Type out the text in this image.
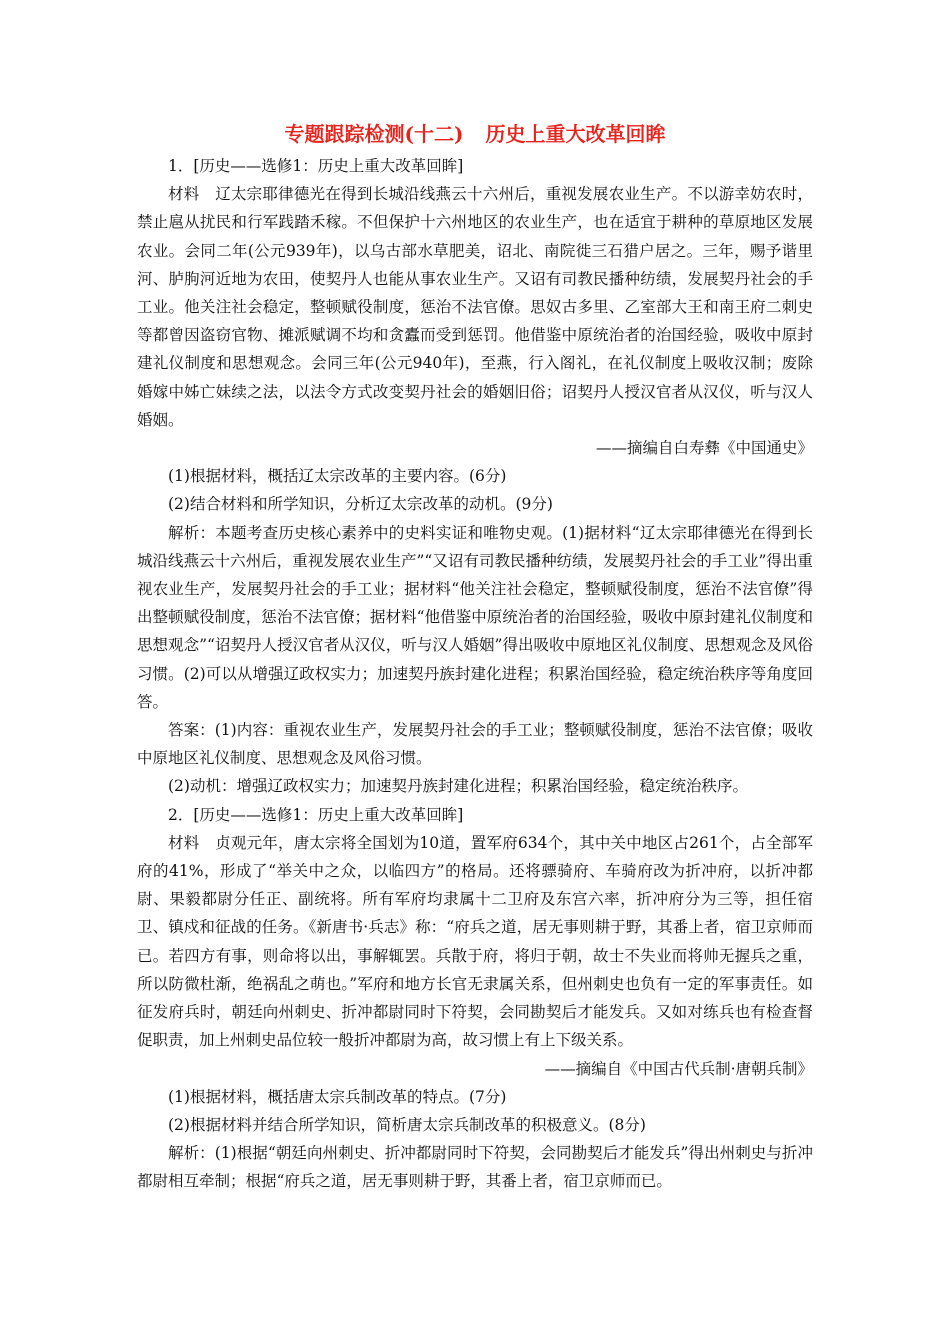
专题跟踪检测(十二) 历史上重大改革回眸

1．[历史——选修1：历史上重大改革回眸]

材料　辽太宗耶律德光在得到长城沿线燕云十六州后，重视发展农业生产。不以游幸妨农时，禁止扈从扰民和行军践踏禾稼。不但保护十六州地区的农业生产，也在适宜于耕种的草原地区发展农业。会同二年(公元939年)，以乌古部水草肥美，诏北、南院徙三石猎户居之。三年，赐予谐里河、胪朐河近地为农田，使契丹人也能从事农业生产。又诏有司教民播种纺绩，发展契丹社会的手工业。他关注社会稳定，整顿赋役制度，惩治不法官僚。思奴古多里、乙室部大王和南王府二刺史等都曾因盗窃官物、摊派赋调不均和贪蠹而受到惩罚。他借鉴中原统治者的治国经验，吸收中原封建礼仪制度和思想观念。会同三年(公元940年)，至燕，行入阁礼，在礼仪制度上吸收汉制；废除婚嫁中姊亡妹续之法，以法令方式改变契丹社会的婚姻旧俗；诏契丹人授汉官者从汉仪，听与汉人婚姻。

——摘编自白寿彝《中国通史》

(1)根据材料，概括辽太宗改革的主要内容。(6分)

(2)结合材料和所学知识，分析辽太宗改革的动机。(9分)

解析：本题考查历史核心素养中的史料实证和唯物史观。(1)据材料“辽太宗耶律德光在得到长城沿线燕云十六州后，重视发展农业生产”“又诏有司教民播种纺绩，发展契丹社会的手工业”得出重视农业生产，发展契丹社会的手工业；据材料“他关注社会稳定，整顿赋役制度，惩治不法官僚”得出整顿赋役制度，惩治不法官僚；据材料“他借鉴中原统治者的治国经验，吸收中原封建礼仪制度和思想观念”“诏契丹人授汉官者从汉仪，听与汉人婚姻”得出吸收中原地区礼仪制度、思想观念及风俗习惯。(2)可以从增强辽政权实力；加速契丹族封建化进程；积累治国经验，稳定统治秩序等角度回答。

答案：(1)内容：重视农业生产，发展契丹社会的手工业；整顿赋役制度，惩治不法官僚；吸收中原地区礼仪制度、思想观念及风俗习惯。

(2)动机：增强辽政权实力；加速契丹族封建化进程；积累治国经验，稳定统治秩序。

2．[历史——选修1：历史上重大改革回眸]

材料　贞观元年，唐太宗将全国划为10道，置军府634个，其中关中地区占261个，占全部军府的41%，形成了“举关中之众，以临四方”的格局。还将骠骑府、车骑府改为折冲府，以折冲都尉、果毅都尉分任正、副统将。所有军府均隶属十二卫府及东宫六率，折冲府分为三等，担任宿卫、镇戍和征战的任务。《新唐书·兵志》称：“府兵之道，居无事则耕于野，其番上者，宿卫京师而已。若四方有事，则命将以出，事解辄罢。兵散于府，将归于朝，故士不失业而将帅无握兵之重，所以防微杜渐，绝祸乱之萌也。”军府和地方长官无隶属关系，但州刺史也负有一定的军事责任。如征发府兵时，朝廷向州刺史、折冲都尉同时下符契，会同勘契后才能发兵。又如对练兵也有检查督促职责，加上州刺史品位较一般折冲都尉为高，故习惯上有上下级关系。

——摘编自《中国古代兵制·唐朝兵制》

(1)根据材料，概括唐太宗兵制改革的特点。(7分)

(2)根据材料并结合所学知识，简析唐太宗兵制改革的积极意义。(8分)

解析：(1)根据“朝廷向州刺史、折冲都尉同时下符契，会同勘契后才能发兵”得出州刺史与折冲都尉相互牵制；根据“府兵之道，居无事则耕于野，其番上者，宿卫京师而已。
